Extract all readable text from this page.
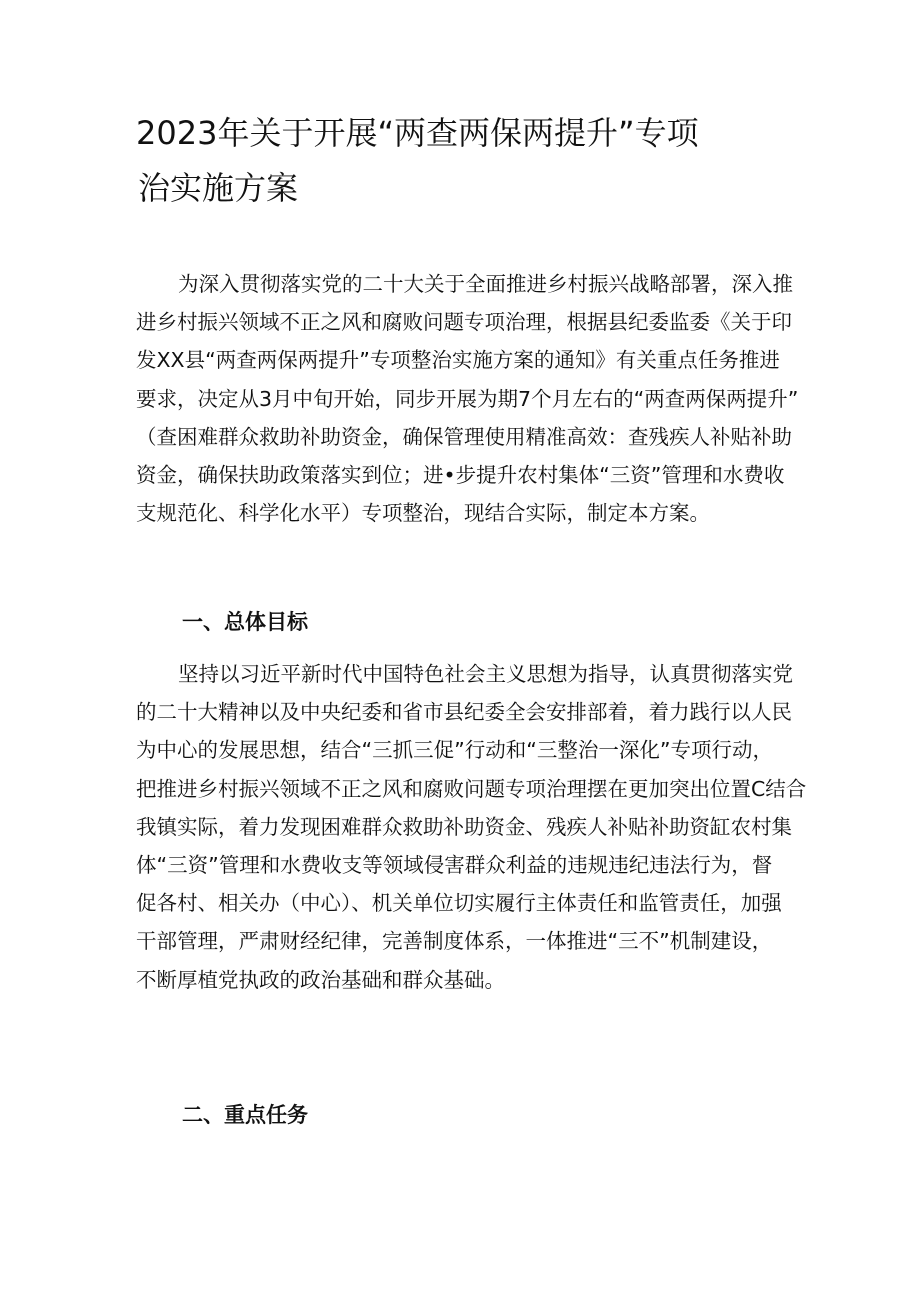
2023年关于开展“两查两保两提升”专项
治实施方案
为深入贯彻落实党的二十大关于全面推进乡村振兴战略部署，深入推
进乡村振兴领域不正之风和腐败问题专项治理，根据县纪委监委《关于印
发XX县“两查两保两提升”专项整治实施方案的通知》有关重点任务推进
要求，决定从3月中旬开始，同步开展为期7个月左右的“两查两保两提升”
（查困难群众救助补助资金，确保管理使用精准高效：查残疾人补贴补助
资金，确保扶助政策落实到位；进•步提升农村集体“三资”管理和水费收
支规范化、科学化水平）专项整治，现结合实际，制定本方案。
一、总体目标
坚持以习近平新时代中国特色社会主义思想为指导，认真贯彻落实党
的二十大精神以及中央纪委和省市县纪委全会安排部着，着力践行以人民
为中心的发展思想，结合“三抓三促”行动和“三整治一深化”专项行动，
把推进乡村振兴领域不正之风和腐败问题专项治理摆在更加突出位置C结合
我镇实际，着力发现困难群众救助补助资金、残疾人补贴补助资缸农村集
体“三资”管理和水费收支等领域侵害群众利益的违规违纪违法行为，督
促各村、相关办（中心）、机关单位切实履行主体责任和监管责任，加强
干部管理，严肃财经纪律，完善制度体系，一体推进“三不”机制建设，
不断厚植党执政的政治基础和群众基础。
二、重点任务
